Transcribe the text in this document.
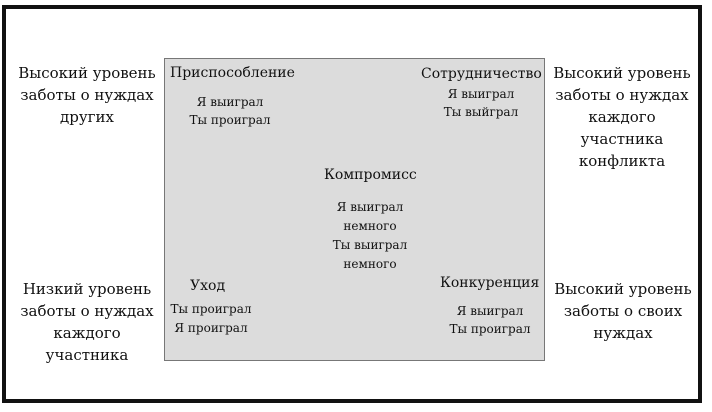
Высокий уровень
заботы о нуждах
других
Высокий уровень
заботы о нуждах
каждого участника
конфликта
Низкий уровень
заботы о нуждах
каждого
участника
Высокий уровень
заботы о своих
нуждах
Приспособление
Я выиграл
Ты проиграл
Сотрудничество
Я выиграл
Ты выйграл
Компромисс
Я выиграл
немного
Ты выиграл
немного
Уход
Ты проиграл
Я проиграл
Конкуренция
Я выиграл
Ты проиграл
